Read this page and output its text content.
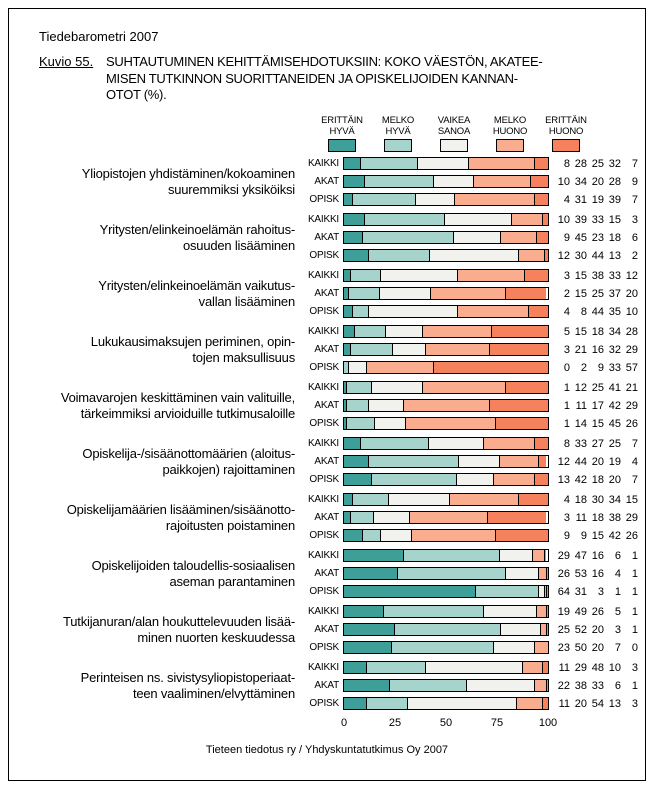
Tiedebarometri 2007
Kuvio 55. SUHTAUTUMINEN KEHITTÄMISEHDOTUKSIIN: KOKO VÄESTÖN, AKATEE-
MISEN TUTKINNON SUORITTANEIDEN JA OPISKELIJOIDEN KANNAN-
OTOT (%).
ERITTÄIN
HYVÄ
MELKO
HYVÄ
VAIKEA
SANOA
MELKO
HUONO
ERITTÄIN
HUONO
Yliopistojen yhdistäminen/kokoaminen
suuremmiksi yksiköiksi
KAIKKI	8 28 25 32 7
AKAT	10 34 20 28 9
OPISK	4 31 19 39 7
Yritysten/elinkeinoelämän rahoitus-
osuuden lisääminen
KAIKKI	10 39 33 15 3
AKAT	9 45 23 18 6
OPISK	12 30 44 13 2
Yritysten/elinkeinoelämän vaikutus-
vallan lisääminen
KAIKKI	3 15 38 33 12
AKAT	2 15 25 37 20
OPISK	4 8 44 35 10
Lukukausimaksujen periminen, opin-
tojen maksullisuus
KAIKKI	5 15 18 34 28
AKAT	3 21 16 32 29
OPISK	0 2 9 33 57
Voimavarojen keskittäminen vain valituille,
tärkeimmiksi arvioiduille tutkimusaloille
KAIKKI	1 12 25 41 21
AKAT	1 11 17 42 29
OPISK	1 14 15 45 26
Opiskelija-/sisäänottomäärien (aloitus-
paikkojen) rajoittaminen
KAIKKI	8 33 27 25 7
AKAT	12 44 20 19 4
OPISK	13 42 18 20 7
Opiskelijamäärien lisääminen/sisäänotto-
rajoitusten poistaminen
KAIKKI	4 18 30 34 15
AKAT	3 11 18 38 29
OPISK	9 9 15 42 26
Opiskelijoiden taloudellis-sosiaalisen
aseman parantaminen
KAIKKI	29 47 16 6 1
AKAT	26 53 16 4 1
OPISK	64 31 3 1 1
Tutkijanuran/alan houkuttelevuuden lisää-
minen nuorten keskuudessa
KAIKKI	19 49 26 5 1
AKAT	25 52 20 3 1
OPISK	23 50 20 7 0
Perinteisen ns. sivistysyliopistoperiaat-
teen vaaliminen/elvyttäminen
KAIKKI	11 29 48 10 3
AKAT	22 38 33 6 1
OPISK	11 20 54 13 3
0	25	50	75	100
Tieteen tiedotus ry / Yhdyskuntatutkimus Oy 2007
